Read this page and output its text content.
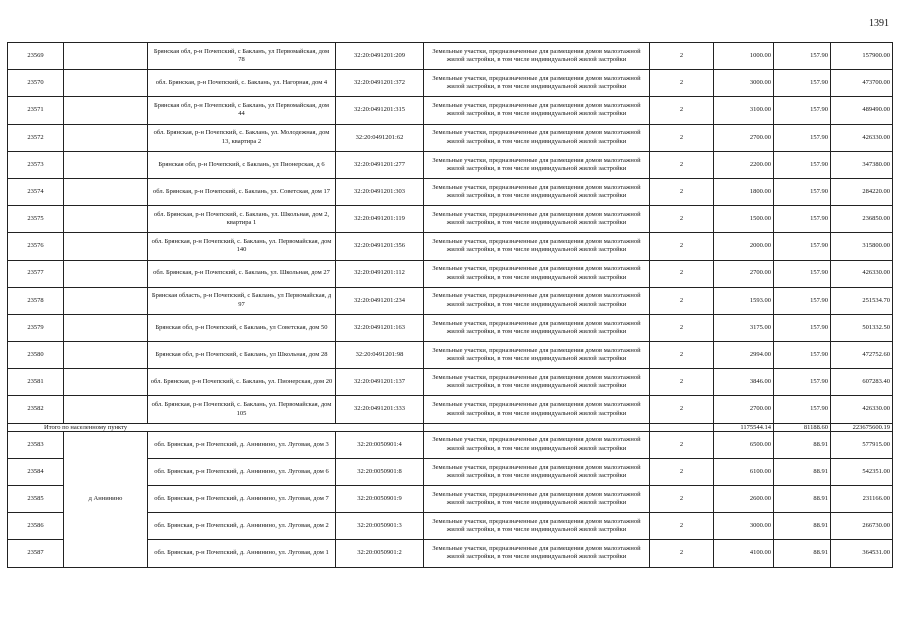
1391
23569		Брянская обл, р-н Почепский, с Бакланъ, ул Первомайская, дом 78	32:20:0491201:209	Земельные участки, предназначенные для размещения домов малоэтажной жилой застройки, в том числе индивидуальной жилой застройки	2	1000.00	157.90	157900.00
23570		обл. Брянская, р-н Почепский, с. Баклань, ул. Нагорная, дом 4	32:20:0491201:372	Земельные участки, предназначенные для размещения домов малоэтажной жилой застройки, в том числе индивидуальной жилой застройки	2	3000.00	157.90	473700.00
23571		Брянская обл, р-н Почепский, с Баклань, ул Первомайская, дом 44	32:20:0491201:315	Земельные участки, предназначенные для размещения домов малоэтажной жилой застройки, в том числе индивидуальной жилой застройки	2	3100.00	157.90	489490.00
23572		обл. Брянская, р-н Почепский, с. Баклань, ул. Молодежная, дом 13, квартира 2	32:20:0491201:62	Земельные участки, предназначенные для размещения домов малоэтажной жилой застройки, в том числе индивидуальной жилой застройки	2	2700.00	157.90	426330.00
23573		Брянская обл, р-н Почепский, с Баклань, ул Пионерская, д 6	32:20:0491201:277	Земельные участки, предназначенные для размещения домов малоэтажной жилой застройки, в том числе индивидуальной жилой застройки	2	2200.00	157.90	347380.00
23574		обл. Брянская, р-н Почепский, с. Баклань, ул. Советская, дом 17	32:20:0491201:303	Земельные участки, предназначенные для размещения домов малоэтажной жилой застройки, в том числе индивидуальной жилой застройки	2	1800.00	157.90	284220.00
23575		обл. Брянская, р-н Почепский, с. Баклань, ул. Школьная, дом 2, квартира 1	32:20:0491201:119	Земельные участки, предназначенные для размещения домов малоэтажной жилой застройки, в том числе индивидуальной жилой застройки	2	1500.00	157.90	236850.00
23576		обл. Брянская, р-н Почепский, с. Баклань, ул. Первомайская, дом 140	32:20:0491201:356	Земельные участки, предназначенные для размещения домов малоэтажной жилой застройки, в том числе индивидуальной жилой застройки	2	2000.00	157.90	315800.00
23577		обл. Брянская, р-н Почепский, с. Баклань, ул. Школьная, дом 27	32:20:0491201:112	Земельные участки, предназначенные для размещения домов малоэтажной жилой застройки, в том числе индивидуальной жилой застройки	2	2700.00	157.90	426330.00
23578		Брянская область, р-н Почепский, с Баклань, ул Первомайская, д 97	32:20:0491201:234	Земельные участки, предназначенные для размещения домов малоэтажной жилой застройки, в том числе индивидуальной жилой застройки	2	1593.00	157.90	251534.70
23579		Брянская обл, р-н Почепский, с Баклань, ул Советская, дом 50	32:20:0491201:163	Земельные участки, предназначенные для размещения домов малоэтажной жилой застройки, в том числе индивидуальной жилой застройки	2	3175.00	157.90	501332.50
23580		Брянская обл, р-н Почепский, с Баклань, ул Школьная, дом 28	32:20:0491201:98	Земельные участки, предназначенные для размещения домов малоэтажной жилой застройки, в том числе индивидуальной жилой застройки	2	2994.00	157.90	472752.60
23581		обл. Брянская, р-н Почепский, с. Баклань, ул. Пионерская, дом 20	32:20:0491201:137	Земельные участки, предназначенные для размещения домов малоэтажной жилой застройки, в том числе индивидуальной жилой застройки	2	3846.00	157.90	607283.40
23582		обл. Брянская, р-н Почепский, с. Баклань, ул. Первомайская, дом 105	32:20:0491201:333	Земельные участки, предназначенные для размещения домов малоэтажной жилой застройки, в том числе индивидуальной жилой застройки	2	2700.00	157.90	426330.00
Итого по населенному пункту						1175544.14	81188.60	223675600.19
23583	д Аннинино	обл. Брянская, р-н Почепский, д. Аннинино, ул. Луговая, дом 3	32:20:0050901:4	Земельные участки, предназначенные для размещения домов малоэтажной жилой застройки, в том числе индивидуальной жилой застройки	2	6500.00	88.91	577915.00
23584		обл. Брянская, р-н Почепский, д. Аннинино, ул. Луговая, дом 6	32:20:0050901:8	Земельные участки, предназначенные для размещения домов малоэтажной жилой застройки, в том числе индивидуальной жилой застройки	2	6100.00	88.91	542351.00
23585		обл. Брянская, р-н Почепский, д. Аннинино, ул. Луговая, дом 7	32:20:0050901:9	Земельные участки, предназначенные для размещения домов малоэтажной жилой застройки, в том числе индивидуальной жилой застройки	2	2600.00	88.91	231166.00
23586		обл. Брянская, р-н Почепский, д. Аннинино, ул. Луговая, дом 2	32:20:0050901:3	Земельные участки, предназначенные для размещения домов малоэтажной жилой застройки, в том числе индивидуальной жилой застройки	2	3000.00	88.91	266730.00
23587		обл. Брянская, р-н Почепский, д. Аннинино, ул. Луговая, дом 1	32:20:0050901:2	Земельные участки, предназначенные для размещения домов малоэтажной жилой застройки, в том числе индивидуальной жилой застройки	2	4100.00	88.91	364531.00
